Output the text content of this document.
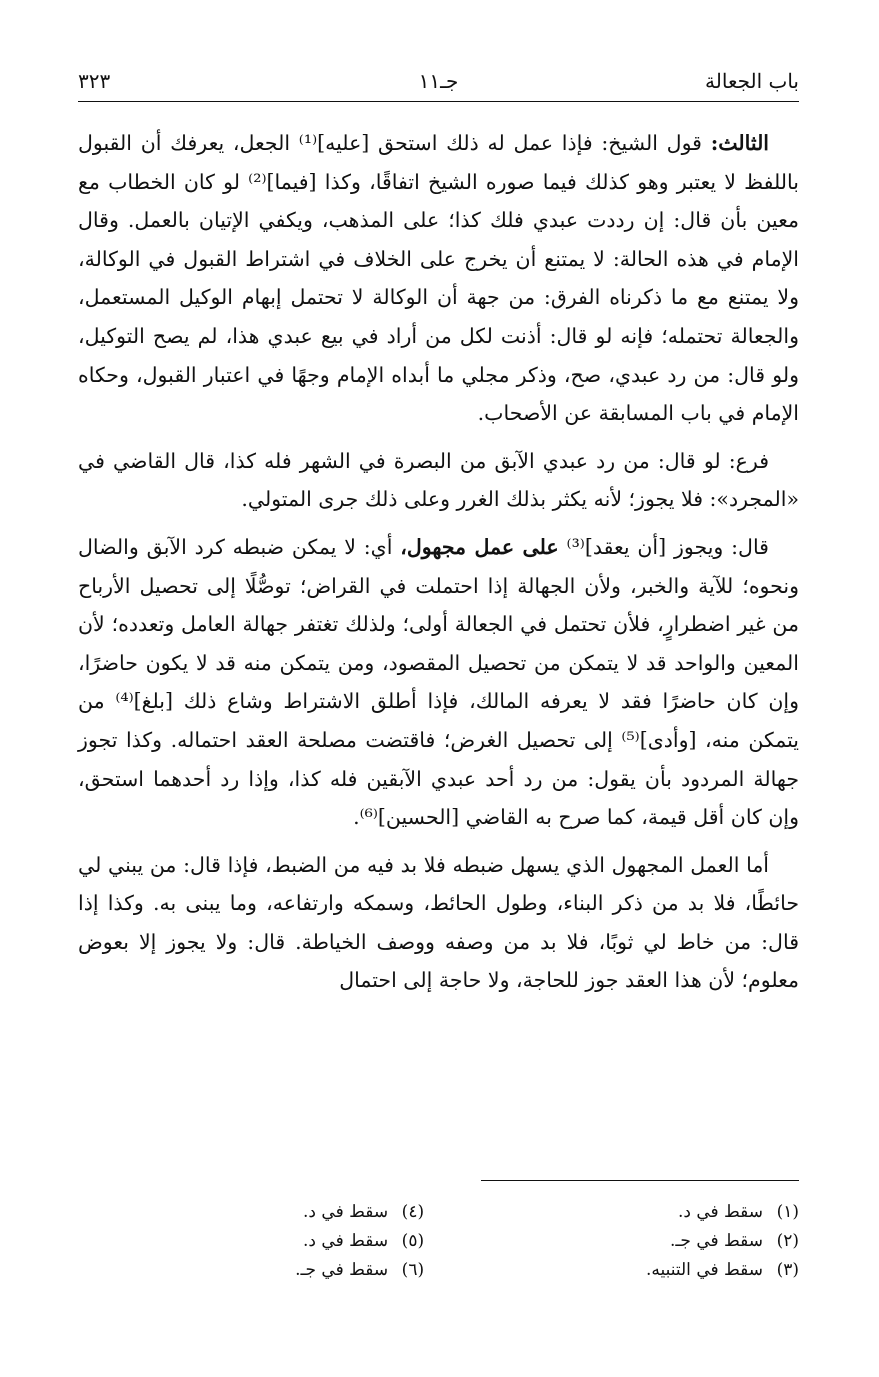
باب الجعالة
جـ١١
٣٢٣

الثالث: قول الشيخ: فإذا عمل له ذلك استحق [عليه]⁽¹⁾ الجعل، يعرفك أن القبول باللفظ لا يعتبر وهو كذلك فيما صوره الشيخ اتفاقًا، وكذا [فيما]⁽²⁾ لو كان الخطاب مع معين بأن قال: إن رددت عبدي فلك كذا؛ على المذهب، ويكفي الإتيان بالعمل. وقال الإمام في هذه الحالة: لا يمتنع أن يخرج على الخلاف في اشتراط القبول في الوكالة، ولا يمتنع مع ما ذكرناه الفرق: من جهة أن الوكالة لا تحتمل إبهام الوكيل المستعمل، والجعالة تحتمله؛ فإنه لو قال: أذنت لكل من أراد في بيع عبدي هذا، لم يصح التوكيل، ولو قال: من رد عبدي، صح، وذكر مجلي ما أبداه الإمام وجهًا في اعتبار القبول، وحكاه الإمام في باب المسابقة عن الأصحاب.

فرع: لو قال: من رد عبدي الآبق من البصرة في الشهر فله كذا، قال القاضي في «المجرد»: فلا يجوز؛ لأنه يكثر بذلك الغرر وعلى ذلك جرى المتولي.

قال: ويجوز [أن يعقد]⁽³⁾ على عمل مجهول، أي: لا يمكن ضبطه كرد الآبق والضال ونحوه؛ للآية والخبر، ولأن الجهالة إذا احتملت في القراض؛ توصُّلًا إلى تحصيل الأرباح من غير اضطرارٍ، فلأن تحتمل في الجعالة أولى؛ ولذلك تغتفر جهالة العامل وتعدده؛ لأن المعين والواحد قد لا يتمكن من تحصيل المقصود، ومن يتمكن منه قد لا يكون حاضرًا، وإن كان حاضرًا فقد لا يعرفه المالك، فإذا أطلق الاشتراط وشاع ذلك [بلغ]⁽⁴⁾ من يتمكن منه، [وأدى]⁽⁵⁾ إلى تحصيل الغرض؛ فاقتضت مصلحة العقد احتماله. وكذا تجوز جهالة المردود بأن يقول: من رد أحد عبدي الآبقين فله كذا، وإذا رد أحدهما استحق، وإن كان أقل قيمة، كما صرح به القاضي [الحسين]⁽⁶⁾.

أما العمل المجهول الذي يسهل ضبطه فلا بد فيه من الضبط، فإذا قال: من يبني لي حائطًا، فلا بد من ذكر البناء، وطول الحائط، وسمكه وارتفاعه، وما يبنى به. وكذا إذا قال: من خاط لي ثوبًا، فلا بد من وصفه ووصف الخياطة. قال: ولا يجوز إلا بعوض معلوم؛ لأن هذا العقد جوز للحاجة، ولا حاجة إلى احتمال

(١)سقط في د.
(٢)سقط في جـ.
(٣)سقط في التنبيه.
(٤)سقط في د.
(٥)سقط في د.
(٦)سقط في جـ.
